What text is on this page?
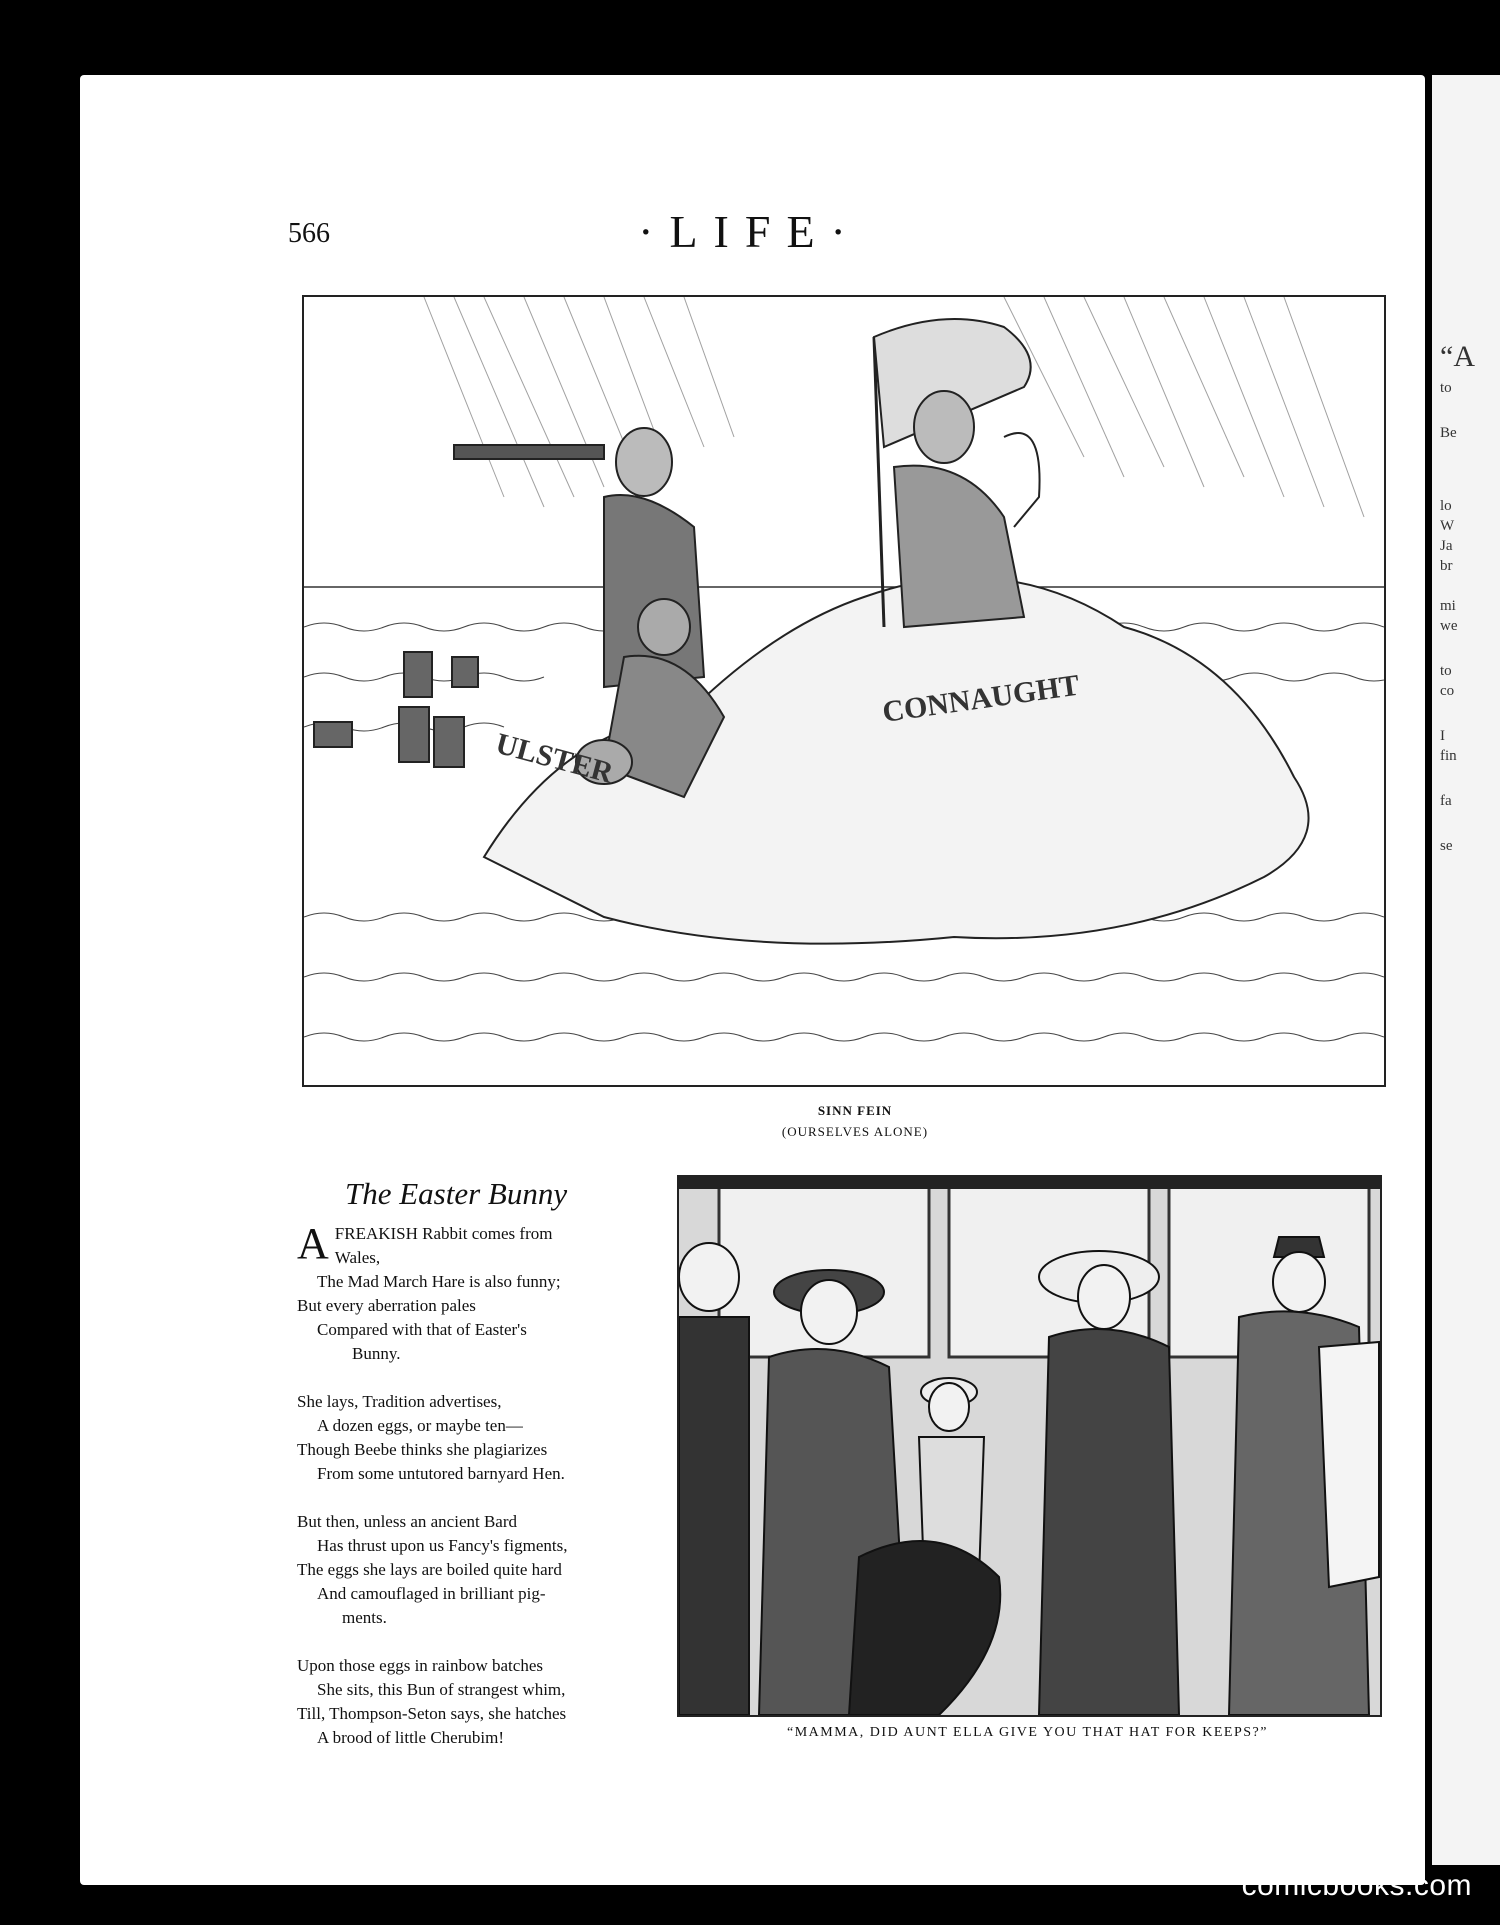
“A
to
Be
lo
W
Ja
br
mi
we
to
co
I
fin
fa
se
566	·LIFE·
ULSTER
CONNAUGHT
SINN FEIN
(OURSELVES ALONE)
The Easter Bunny
AFREAKISH Rabbit comes from
Wales,
The Mad March Hare is also funny;
But every aberration pales
Compared with that of Easter's
Bunny.
She lays, Tradition advertises,
A dozen eggs, or maybe ten—
Though Beebe thinks she plagiarizes
From some untutored barnyard Hen.
But then, unless an ancient Bard
Has thrust upon us Fancy's figments,
The eggs she lays are boiled quite hard
And camouflaged in brilliant pig-
ments.
Upon those eggs in rainbow batches
She sits, this Bun of strangest whim,
Till, Thompson-Seton says, she hatches
A brood of little Cherubim!	“MAMMA, DID AUNT ELLA GIVE YOU THAT HAT FOR KEEPS?”
comicbooks.com
